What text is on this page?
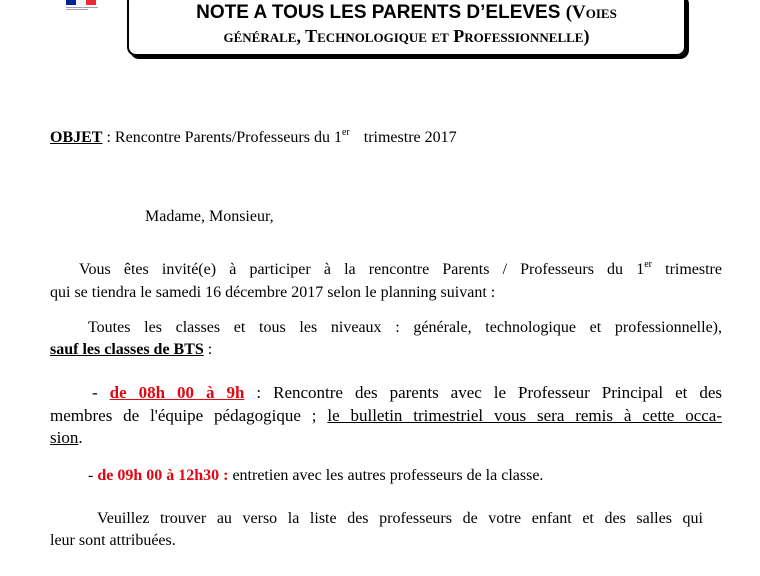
NOTE A TOUS LES PARENTS D’ELEVES (Voies
générale, Technologique et Professionnelle)
OBJET : Rencontre Parents/Professeurs du 1er trimestre 2017
Madame, Monsieur,
Vous êtes invité(e) à participer à la rencontre Parents / Professeurs du 1er trimestre
qui se tiendra le samedi 16 décembre 2017 selon le planning suivant :
Toutes les classes et tous les niveaux : générale, technologique et professionnelle),
sauf les classes de BTS :
- de 08h 00 à 9h : Rencontre des parents avec le Professeur Principal et des
membres de l'équipe pédagogique ; le bulletin trimestriel vous sera remis à cette occa-
sion.
- de 09h 00 à 12h30 : entretien avec les autres professeurs de la classe.
Veuillez trouver au verso la liste des professeurs de votre enfant et des salles qui
leur sont attribuées.
